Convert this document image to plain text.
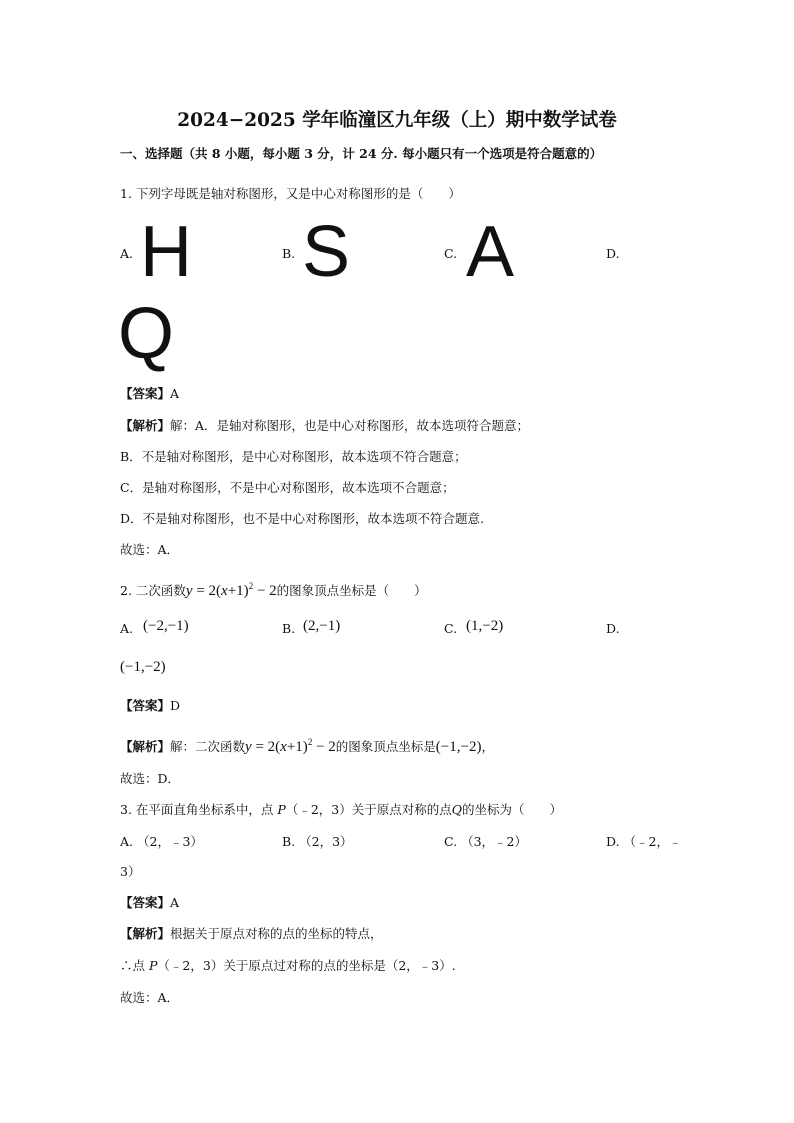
2024−2025 学年临潼区九年级（上）期中数学试卷
一、选择题（共 8 小题，每小题 3 分，计 24 分. 每小题只有一个选项是符合题意的）
1. 下列字母既是轴对称图形，又是中心对称图形的是（　　）
A. H	B. S	C. A	D.
Q
【答案】A
【解析】解：A．是轴对称图形，也是中心对称图形，故本选项符合题意；
B．不是轴对称图形，是中心对称图形，故本选项不符合题意；
C．是轴对称图形，不是中心对称图形，故本选项不合题意；
D．不是轴对称图形，也不是中心对称图形，故本选项不符合题意.
故选：A．
2. 二次函数$y = 2(x+1)^2 - 2$的图象顶点坐标是（　　）
A. (−2,−1)	B. (2,−1)	C. (1,−2)	D.
(−1,−2)
【答案】D
【解析】解：二次函数$y = 2(x+1)^2 - 2$的图象顶点坐标是(−1,−2)，
故选：D．
3. 在平面直角坐标系中，点 P（﹣2，3）关于原点对称的点Q的坐标为（　　）
A. （2，﹣3）	B. （2，3）	C. （3，﹣2）	D. （﹣2，﹣
3）
【答案】A
【解析】根据关于原点对称的点的坐标的特点，
∴点 P（﹣2，3）关于原点过对称的点的坐标是（2，﹣3）.
故选：A．
